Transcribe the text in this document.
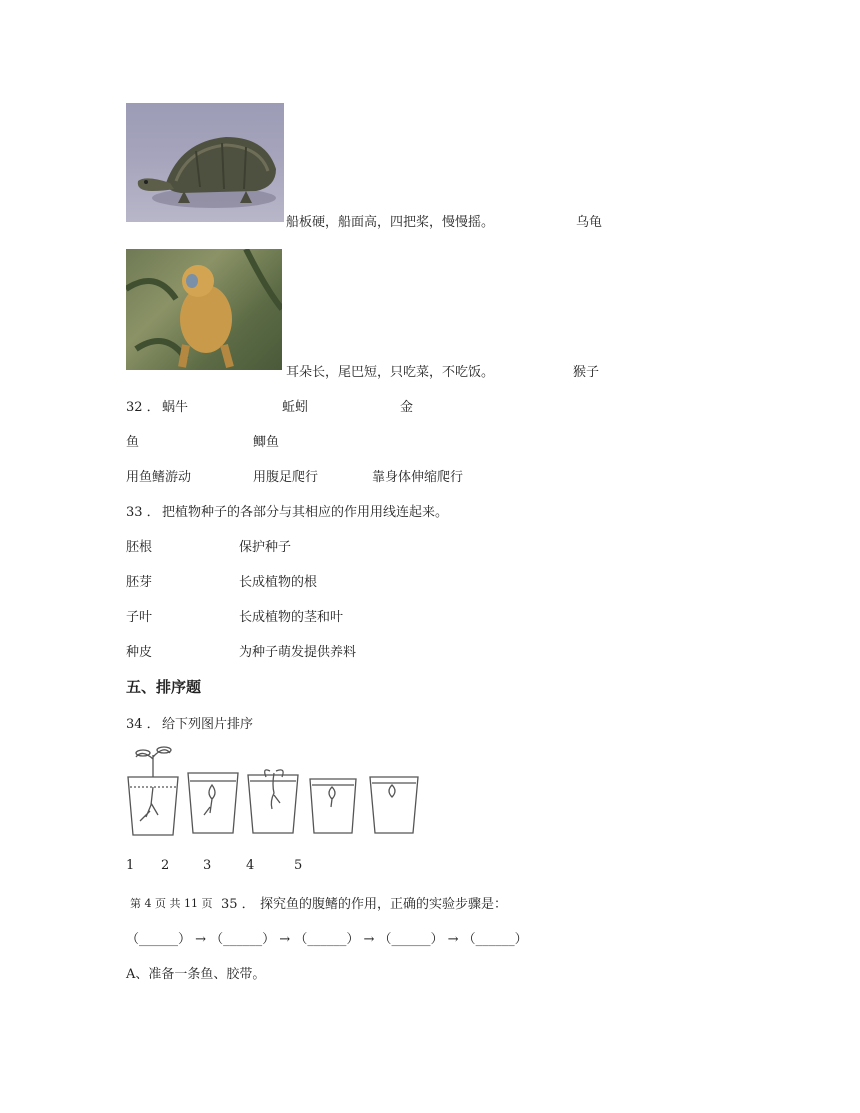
船板硬，船面高，四把桨，慢慢摇。	乌龟
耳朵长，尾巴短，只吃菜，不吃饭。	猴子
32 ． 蜗牛	蚯蚓	金
鱼	鲫鱼
用鱼鳍游动	用腹足爬行	靠身体伸缩爬行
33 ． 把植物种子的各部分与其相应的作用用线连起来。
胚根	保护种子
胚芽	长成植物的根
子叶	长成植物的茎和叶
种皮	为种子萌发提供养料
五、排序题
34 ． 给下列图片排序
1 2	3	4	5
第 4 页 共 11 页 35 ． 探究鱼的腹鳍的作用，正确的实验步骤是：
（______） → （______） → （______） → （______） → （______）
A、准备一条鱼、胶带。
